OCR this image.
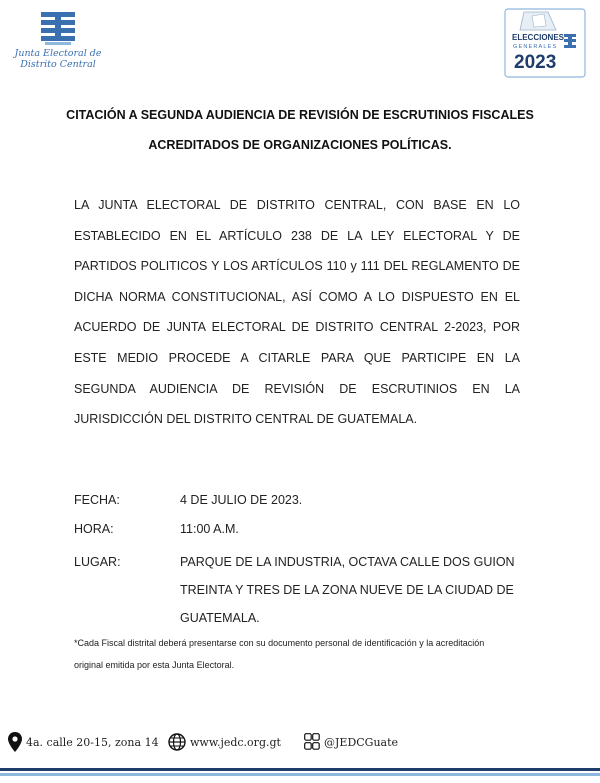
Junta Electoral de Distrito Central
ELECCIONES
GENERALES
2023
CITACIÓN A SEGUNDA AUDIENCIA DE REVISIÓN DE ESCRUTINIOS FISCALES ACREDITADOS DE ORGANIZACIONES POLÍTICAS.
LA JUNTA ELECTORAL DE DISTRITO CENTRAL, CON BASE EN LO ESTABLECIDO EN EL ARTÍCULO 238 DE LA LEY ELECTORAL Y DE PARTIDOS POLITICOS Y LOS ARTÍCULOS 110 y 111 DEL REGLAMENTO DE DICHA NORMA CONSTITUCIONAL, ASÍ COMO A LO DISPUESTO EN EL ACUERDO DE JUNTA ELECTORAL DE DISTRITO CENTRAL 2-2023, POR ESTE MEDIO PROCEDE A CITARLE PARA QUE PARTICIPE EN LA SEGUNDA AUDIENCIA DE REVISIÓN DE ESCRUTINIOS EN LA JURISDICCIÓN DEL DISTRITO CENTRAL DE GUATEMALA.
FECHA:	4 DE JULIO DE 2023.
HORA:	11:00 A.M.
LUGAR:	PARQUE DE LA INDUSTRIA, OCTAVA CALLE DOS GUION TREINTA Y TRES DE LA ZONA NUEVE DE LA CIUDAD DE GUATEMALA.
*Cada Fiscal distrital deberá presentarse con su documento personal de identificación y la acreditación original emitida por esta Junta Electoral.
4a. calle 20-15, zona 14	www.jedc.org.gt	@JEDCGuate
